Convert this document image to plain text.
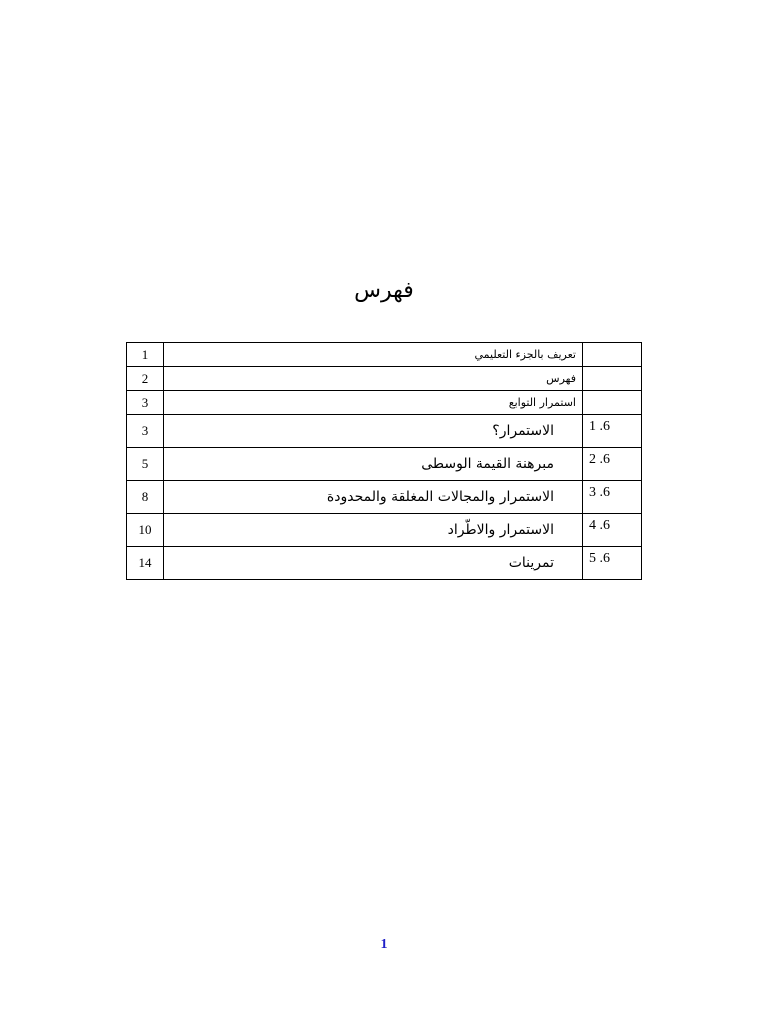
فهرس
1	تعريف بالجزء التعليمي	
2	فهرس	
3	استمرار التوابع	
3	الاستمرار؟	1 .6
5	مبرهنة القيمة الوسطى	2 .6
8	الاستمرار والمجالات المغلقة والمحدودة	3 .6
10	الاستمرار والاطّراد	4 .6
14	تمرينات	5 .6
1
